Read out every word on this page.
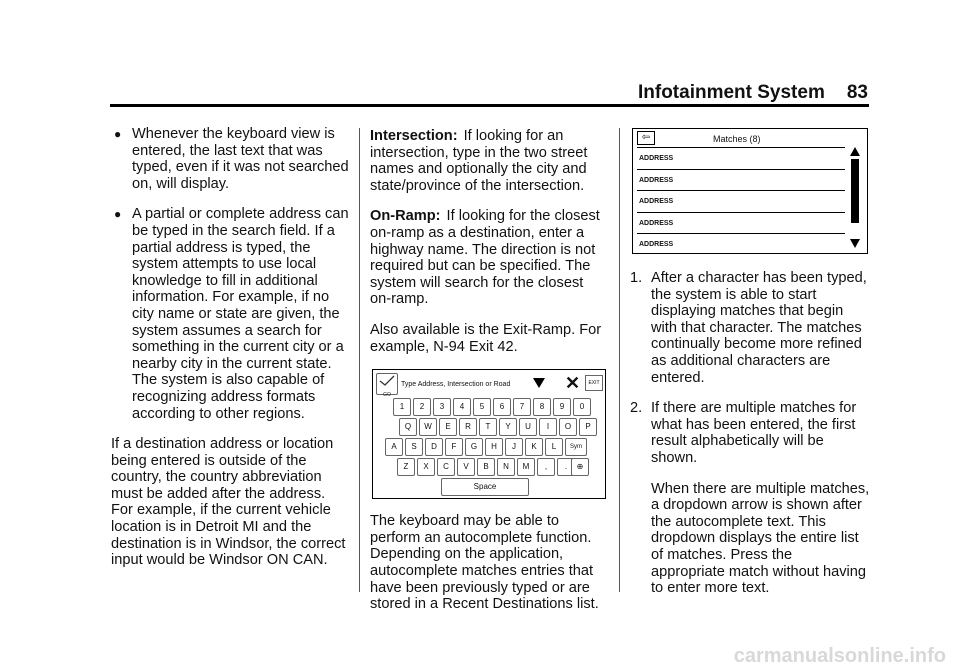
Infotainment System 83
● Whenever the keyboard view is entered, the last text that was typed, even if it was not searched on, will display.
● A partial or complete address can be typed in the search field. If a partial address is typed, the system attempts to use local knowledge to fill in additional information. For example, if no city name or state are given, the system assumes a search for something in the current city or a nearby city in the current state. The system is also capable of recognizing address formats according to other regions.

If a destination address or location being entered is outside of the country, the country abbreviation must be added after the address. For example, if the current vehicle location is in Detroit MI and the destination is in Windsor, the correct input would be Windsor ON CAN.

Intersection: If looking for an intersection, type in the two street names and optionally the city and state/province of the intersection.

On-Ramp: If looking for the closest on-ramp as a destination, enter a highway name. The direction is not required but can be specified. The system will search for the closest on-ramp.

Also available is the Exit-Ramp. For example, N-94 Exit 42.

GO
Type Address, Intersection or Road	✕	EXIT
1	2	3	4	5	6	7	8	9	0
Q	W	E	R	T	Y	U	I	O	P
A	S	D	F	G	H	J	K	L	Sym
Z	X	C	V	B	N	M	,	.
Space
⊕

The keyboard may be able to perform an autocomplete function. Depending on the application, autocomplete matches entries that have been previously typed or are stored in a Recent Destinations list.

⇦	Matches (8)
ADDRESS
ADDRESS
ADDRESS
ADDRESS
ADDRESS
1. After a character has been typed, the system is able to start displaying matches that begin with that character. The matches continually become more refined as additional characters are entered.
2. If there are multiple matches for what has been entered, the first result alphabetically will be shown.

When there are multiple matches, a dropdown arrow is shown after the autocomplete text. This dropdown displays the entire list of matches. Press the appropriate match without having to enter more text.

carmanualsonline.info
